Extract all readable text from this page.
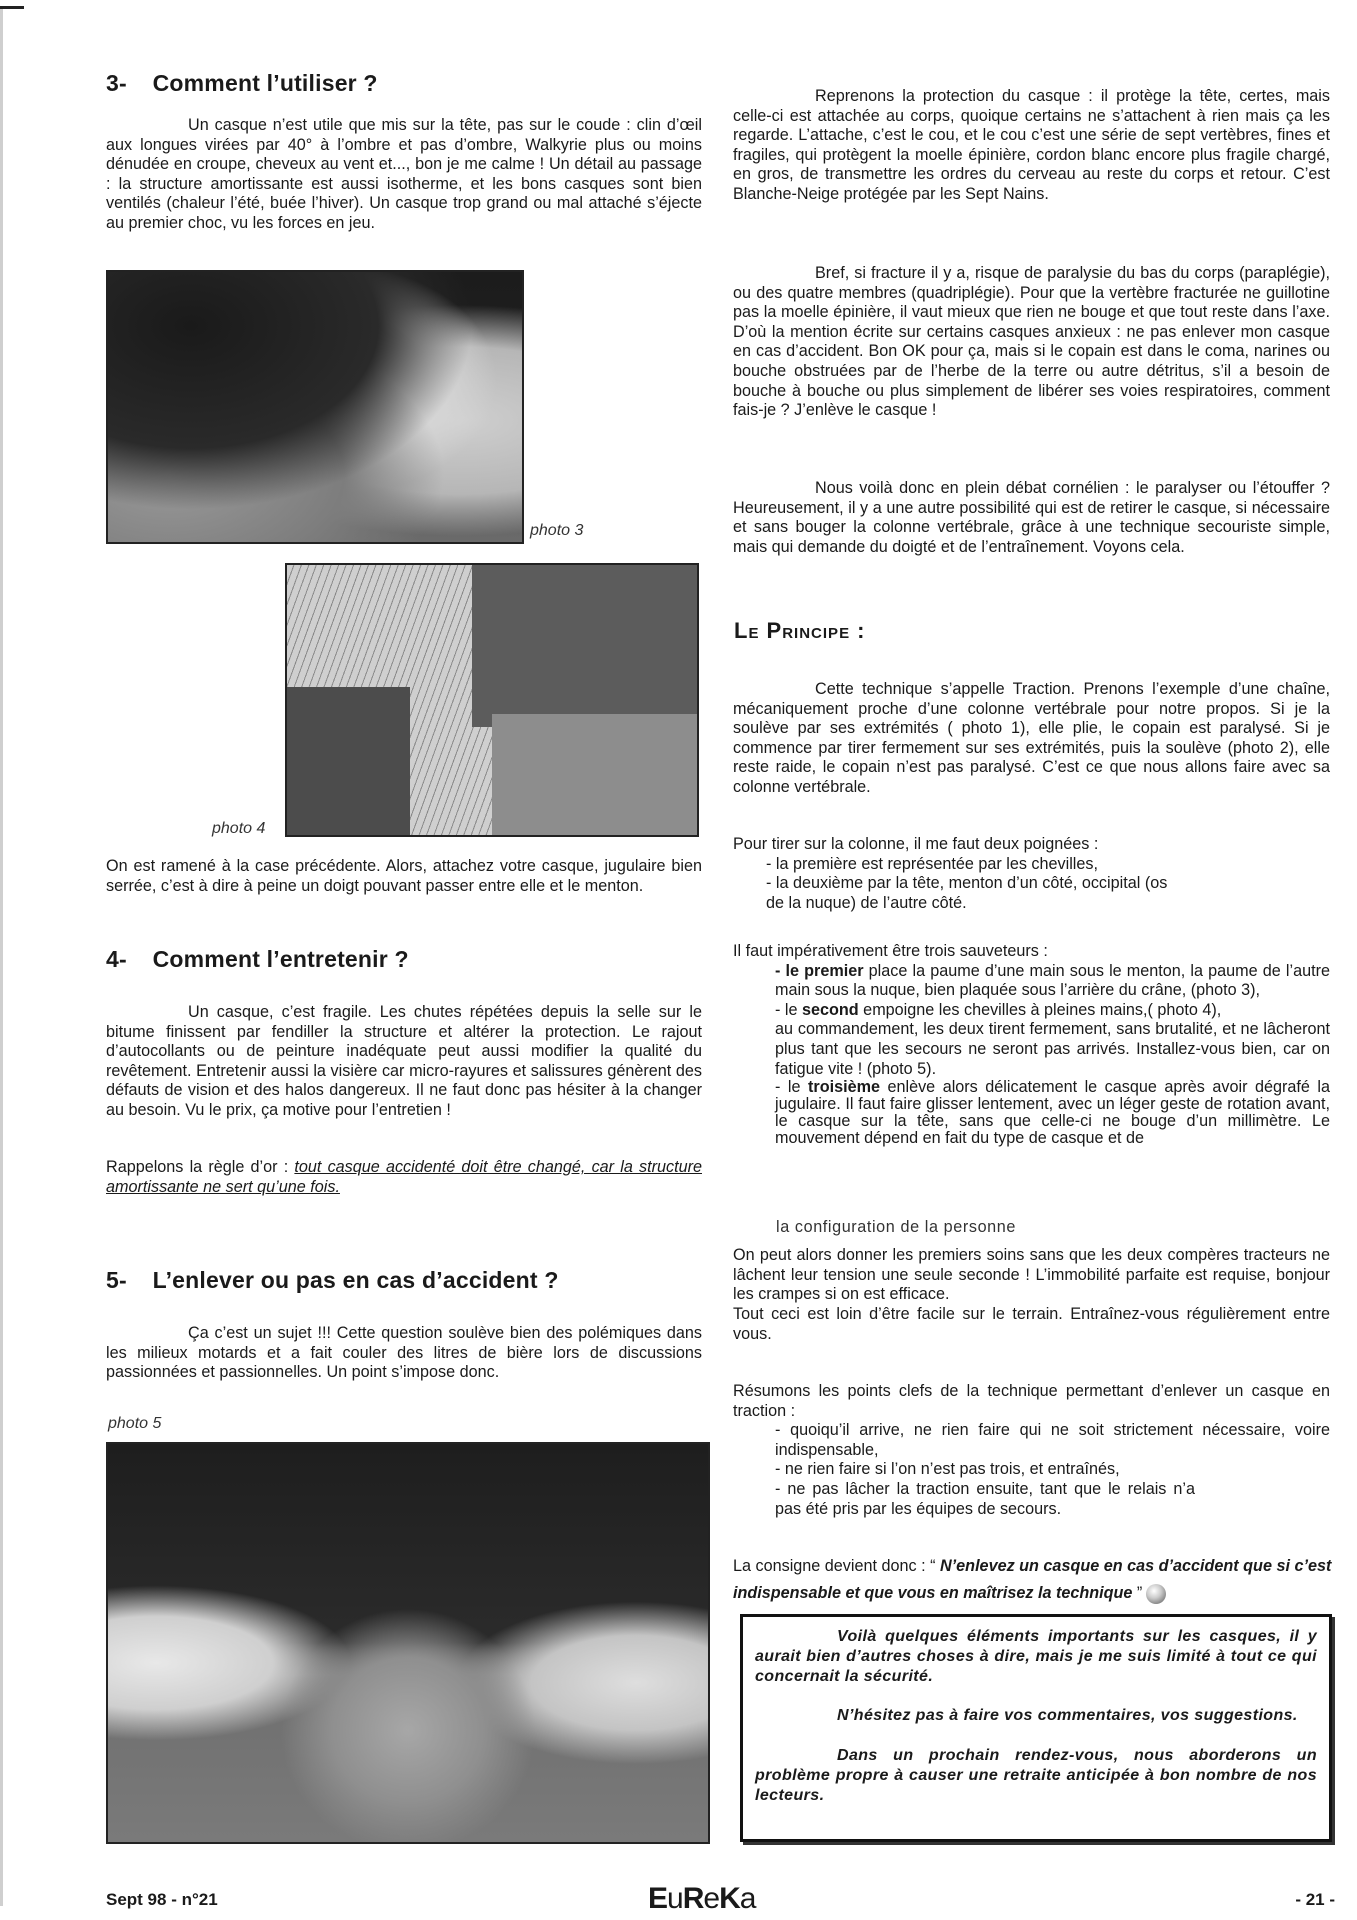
3- Comment l’utiliser ?

Un casque n’est utile que mis sur la tête, pas sur le coude : clin d’œil aux longues virées par 40° à l’ombre et pas d’ombre, Walkyrie plus ou moins dénudée en croupe, cheveux au vent et..., bon je me calme ! Un détail au passage : la structure amortissante est aussi isotherme, et les bons casques sont bien ventilés (chaleur l’été, buée l’hiver). Un casque trop grand ou mal attaché s’éjecte au premier choc, vu les forces en jeu.

photo 3
photo 4

On est ramené à la case précédente. Alors, attachez votre casque, jugulaire bien serrée, c’est à dire à peine un doigt pouvant passer entre elle et le menton.

4- Comment l’entretenir ?

Un casque, c’est fragile. Les chutes répétées depuis la selle sur le bitume finissent par fendiller la structure et altérer la protection. Le rajout d’autocollants ou de peinture inadéquate peut aussi modifier la qualité du revêtement. Entretenir aussi la visière car micro-rayures et salissures génèrent des défauts de vision et des halos dangereux. Il ne faut donc pas hésiter à la changer au besoin. Vu le prix, ça motive pour l’entretien !

Rappelons la règle d’or : tout casque accidenté doit être changé, car la structure amortissante ne sert qu’une fois.

5- L’enlever ou pas en cas d’accident ?

Ça c’est un sujet !!! Cette question soulève bien des polémiques dans les milieux motards et a fait couler des litres de bière lors de discussions passionnées et passionnelles. Un point s’impose donc.

photo 5

Reprenons la protection du casque : il protège la tête, certes, mais celle-ci est attachée au corps, quoique certains ne s’attachent à rien mais ça les regarde. L’attache, c’est le cou, et le cou c’est une série de sept vertèbres, fines et fragiles, qui protègent la moelle épinière, cordon blanc encore plus fragile chargé, en gros, de transmettre les ordres du cerveau au reste du corps et retour. C’est Blanche-Neige protégée par les Sept Nains.

Bref, si fracture il y a, risque de paralysie du bas du corps (paraplégie), ou des quatre membres (quadriplégie). Pour que la vertèbre fracturée ne guillotine pas la moelle épinière, il vaut mieux que rien ne bouge et que tout reste dans l’axe. D’où la mention écrite sur certains casques anxieux : ne pas enlever mon casque en cas d’accident. Bon OK pour ça, mais si le copain est dans le coma, narines ou bouche obstruées par de l’herbe de la terre ou autre détritus, s’il a besoin de bouche à bouche ou plus simplement de libérer ses voies respiratoires, comment fais-je ? J’enlève le casque !

Nous voilà donc en plein débat cornélien : le paralyser ou l’étouffer ? Heureusement, il y a une autre possibilité qui est de retirer le casque, si nécessaire et sans bouger la colonne vertébrale, grâce à une technique secouriste simple, mais qui demande du doigté et de l’entraînement. Voyons cela.

Le Principe :

Cette technique s’appelle Traction. Prenons l’exemple d’une chaîne, mécaniquement proche d’une colonne vertébrale pour notre propos. Si je la soulève par ses extrémités ( photo 1), elle plie, le copain est paralysé. Si je commence par tirer fermement sur ses extrémités, puis la soulève (photo 2), elle reste raide, le copain n’est pas paralysé. C’est ce que nous allons faire avec sa colonne vertébrale.

Pour tirer sur la colonne, il me faut deux poignées :
- la première est représentée par les chevilles,
- la deuxième par la tête, menton d’un côté, occipital (os de la nuque) de l’autre côté.
Il faut impérativement être trois sauveteurs :
- le premier place la paume d’une main sous le menton, la paume de l’autre main sous la nuque, bien plaquée sous l’arrière du crâne, (photo 3),
- le second empoigne les chevilles à pleines mains,( photo 4),
au commandement, les deux tirent fermement, sans brutalité, et ne lâcheront plus tant que les secours ne seront pas arrivés. Installez-vous bien, car on fatigue vite ! (photo 5).
- le troisième enlève alors délicatement le casque après avoir dégrafé la jugulaire. Il faut faire glisser lentement, avec un léger geste de rotation avant, le casque sur la tête, sans que celle-ci ne bouge d’un millimètre. Le mouvement dépend en fait du type de casque et de
la configuration de la personne

On peut alors donner les premiers soins sans que les deux compères tracteurs ne lâchent leur tension une seule seconde ! L’immobilité parfaite est requise, bonjour les crampes si on est efficace.

Tout ceci est loin d’être facile sur le terrain. Entraînez-vous régulièrement entre vous.

Résumons les points clefs de la technique permettant d’enlever un casque en traction :
- quoiqu’il arrive, ne rien faire qui ne soit strictement nécessaire, voire indispensable,
- ne rien faire si l’on n’est pas trois, et entraînés,
- ne pas lâcher la traction ensuite, tant que le relais n’a pas été pris par les équipes de secours.
La consigne devient donc : “ N’enlevez un casque en cas d’accident que si c’est indispensable et que vous en maîtrisez la technique ”

Voilà quelques éléments importants sur les casques, il y aurait bien d’autres choses à dire, mais je me suis limité à tout ce qui concernait la sécurité.

N’hésitez pas à faire vos commentaires, vos suggestions.

Dans un prochain rendez-vous, nous aborderons un problème propre à causer une retraite anticipée à bon nombre de nos lecteurs.

Sept 98 - n°21	EuReKa	- 21 -
